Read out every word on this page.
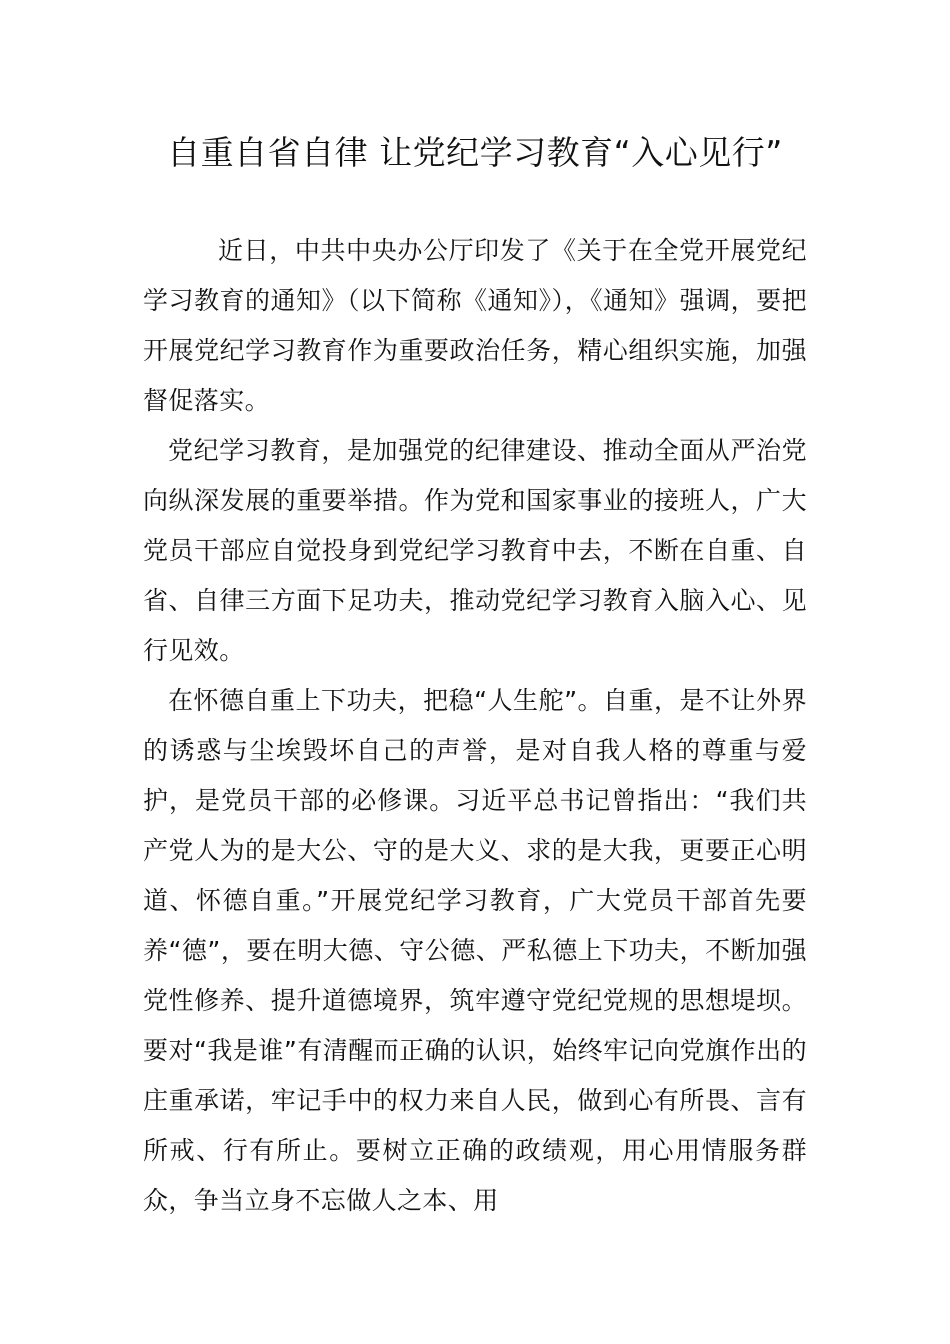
自重自省自律 让党纪学习教育“入心见行”

近日，中共中央办公厅印发了《关于在全党开展党纪学习教育的通知》（以下简称《通知》），《通知》强调，要把开展党纪学习教育作为重要政治任务，精心组织实施，加强督促落实。

党纪学习教育，是加强党的纪律建设、推动全面从严治党向纵深发展的重要举措。作为党和国家事业的接班人，广大党员干部应自觉投身到党纪学习教育中去，不断在自重、自省、自律三方面下足功夫，推动党纪学习教育入脑入心、见行见效。

在怀德自重上下功夫，把稳“人生舵”。自重，是不让外界的诱惑与尘埃毁坏自己的声誉，是对自我人格的尊重与爱护，是党员干部的必修课。习近平总书记曾指出：“我们共产党人为的是大公、守的是大义、求的是大我，更要正心明道、怀德自重。”开展党纪学习教育，广大党员干部首先要养“德”，要在明大德、守公德、严私德上下功夫，不断加强党性修养、提升道德境界，筑牢遵守党纪党规的思想堤坝。要对“我是谁”有清醒而正确的认识，始终牢记向党旗作出的庄重承诺，牢记手中的权力来自人民，做到心有所畏、言有所戒、行有所止。要树立正确的政绩观，用心用情服务群众，争当立身不忘做人之本、用
